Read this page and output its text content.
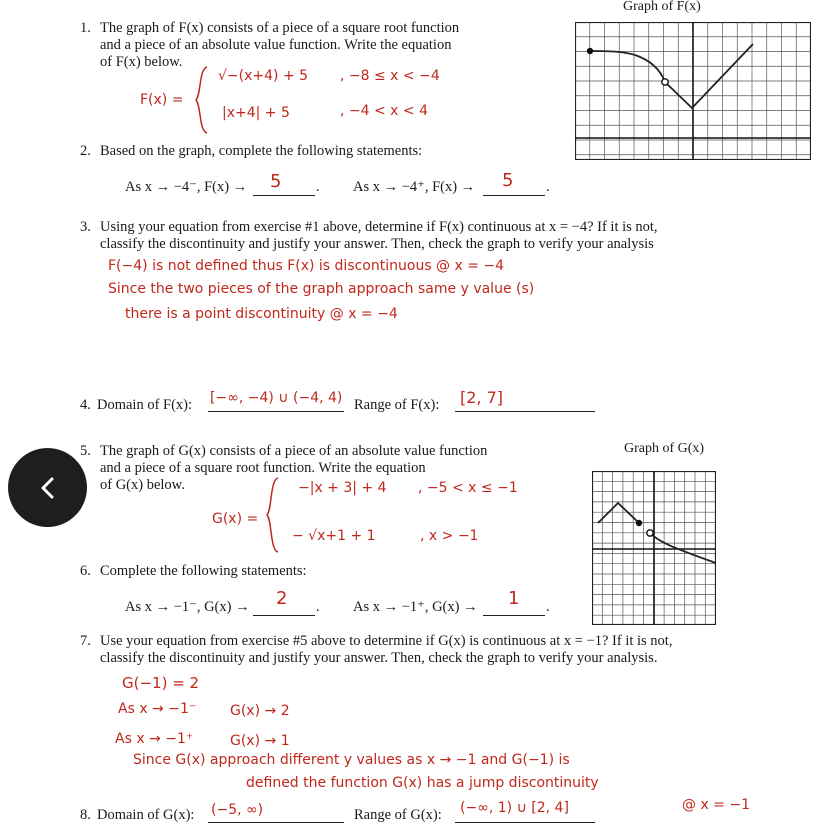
Graph of F(x)
Graph of G(x)
1. The graph of F(x) consists of a piece of a square root function
and a piece of an absolute value function. Write the equation
of F(x) below.
F(x) =
√−(x+4) + 5 , −8 ≤ x < −4
|x+4| + 5	, −4 < x < 4
2. Based on the graph, complete the following statements:
As x → −4⁻, F(x) → 5 . As x → −4⁺, F(x) → 5 .
3. Using your equation from exercise #1 above, determine if F(x) continuous at x = −4? If it is not,
classify the discontinuity and justify your answer. Then, check the graph to verify your analysis
F(−4) is not defined thus F(x) is discontinuous @ x = −4
Since the two pieces of the graph approach same y value (s)
there is a point discontinuity @ x = −4
4. Domain of F(x): [−∞, −4) ∪ (−4, 4) Range of F(x): [2, 7]
5. The graph of G(x) consists of a piece of an absolute value function
and a piece of a square root function. Write the equation
of G(x) below.
G(x) =
−|x + 3| + 4 , −5 < x ≤ −1
− √x+1 + 1	, x > −1
6. Complete the following statements:
As x → −1⁻, G(x) → 2 . As x → −1⁺, G(x) → 1 .
7. Use your equation from exercise #5 above to determine if G(x) is continuous at x = −1? If it is not,
classify the discontinuity and justify your answer. Then, check the graph to verify your analysis.
G(−1) = 2
As x → −1⁻ G(x) → 2
As x → −1⁺	G(x) → 1
Since G(x) approach different y values as x → −1 and G(−1) is
defined the function G(x) has a jump discontinuity
@ x = −1
8. Domain of G(x): (−5, ∞)	Range of G(x): (−∞, 1) ∪ [2, 4]
